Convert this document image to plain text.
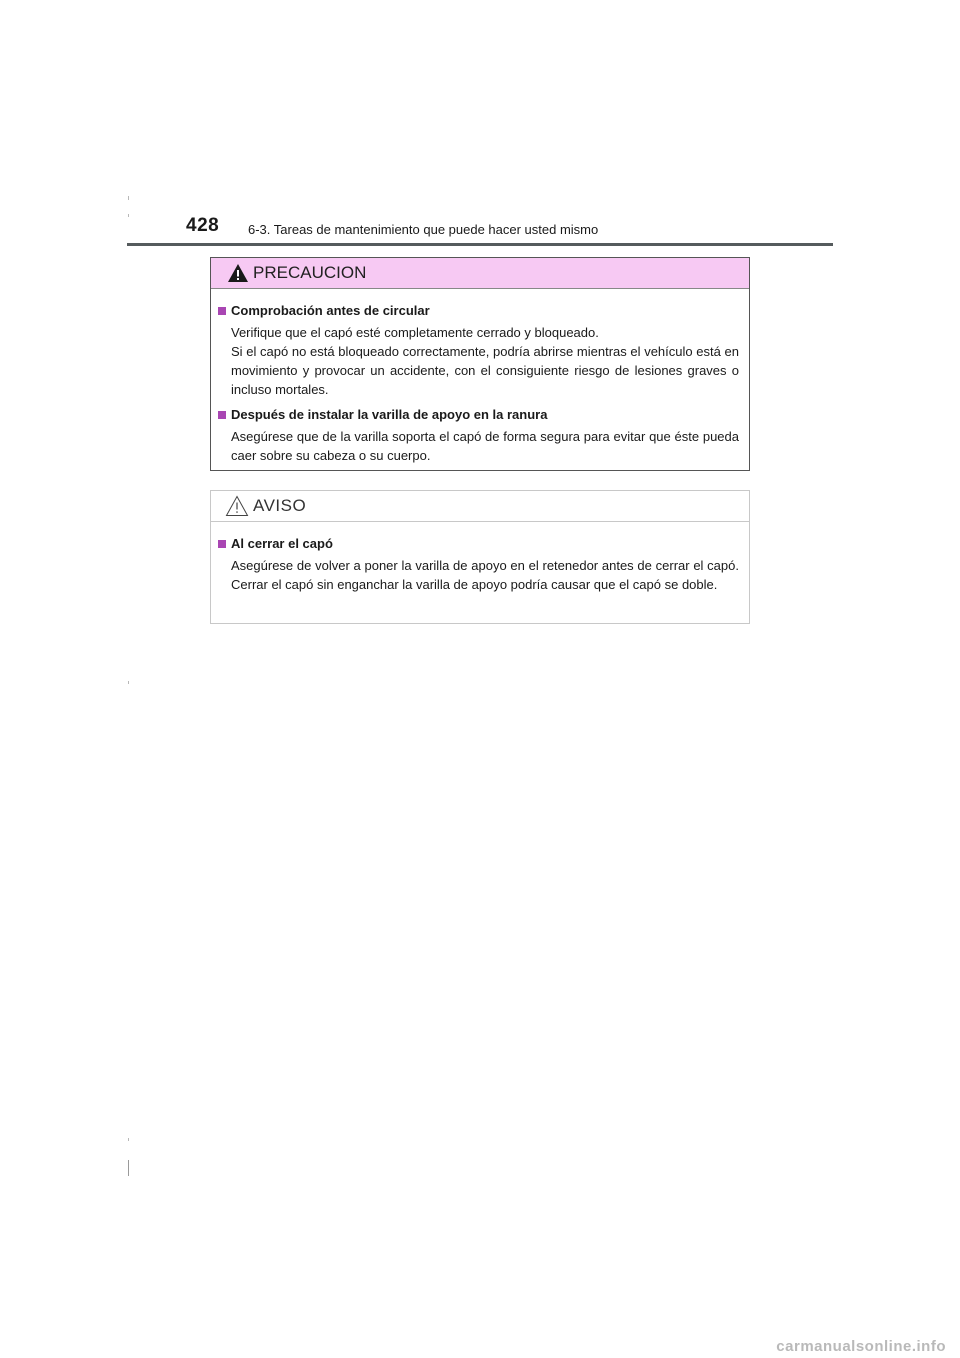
428 6-3. Tareas de mantenimiento que puede hacer usted mismo
PRECAUCION
Comprobación antes de circular

Verifique que el capó esté completamente cerrado y bloqueado.

Si el capó no está bloqueado correctamente, podría abrirse mientras el vehículo está en movimiento y provocar un accidente, con el consiguiente riesgo de lesiones graves o incluso mortales.

Después de instalar la varilla de apoyo en la ranura

Asegúrese que de la varilla soporta el capó de forma segura para evitar que éste pueda caer sobre su cabeza o su cuerpo.

AVISO
Al cerrar el capó

Asegúrese de volver a poner la varilla de apoyo en el retenedor antes de cerrar el capó. Cerrar el capó sin enganchar la varilla de apoyo podría causar que el capó se doble.

carmanualsonline.info
